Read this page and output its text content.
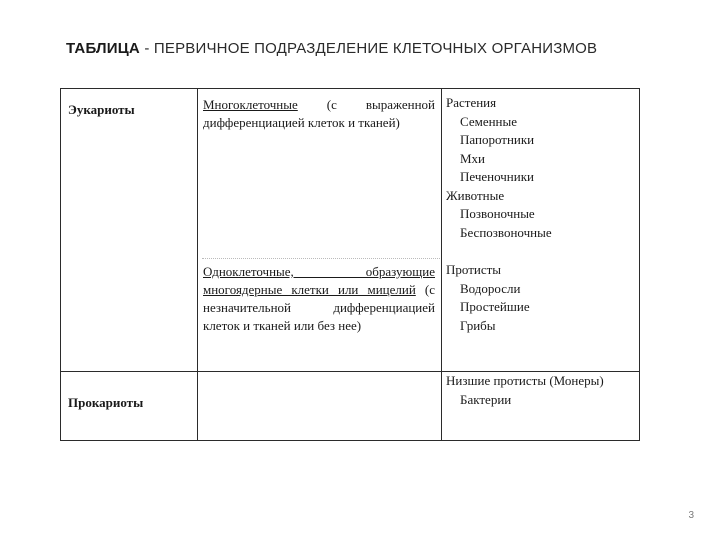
ТАБЛИЦА - ПЕРВИЧНОЕ ПОДРАЗДЕЛЕНИЕ КЛЕТОЧНЫХ ОРГАНИЗМОВ
Эукариоты	Многоклеточные (с выраженной дифференциацией клеток и тканей)
Растения
Семенные
Папоротники
Мхи
Печеночники
Животные
Позвоночные
Беспозвоночные
Одноклеточные, образующие многоядерные клетки или мицелий (с незначительной дифференциацией клеток и тканей или без нее)
Протисты
Водоросли
Простейшие
Грибы
Прокариоты
Низшие протисты (Монеры)
Бактерии
3
